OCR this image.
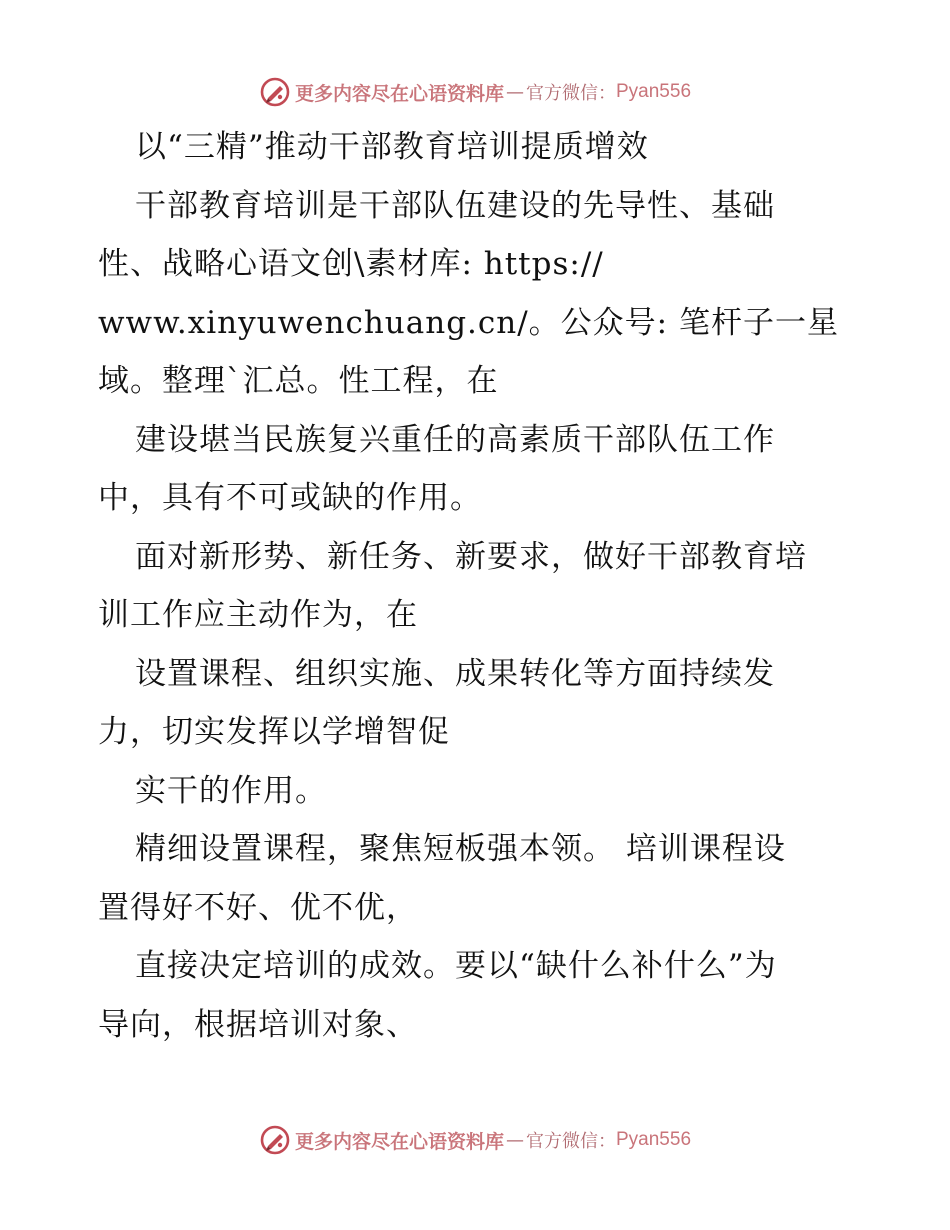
更多内容尽在心语资料库 — 官方微信： Pyan556
以“三精”推动干部教育培训提质增效
干部教育培训是干部队伍建设的先导性、基础
性、战略心语文创\素材库: https://
www.xinyuwenchuang.cn/。公众号: 笔杆子一星
域。整理`汇总。性工程，在
建设堪当民族复兴重任的高素质干部队伍工作
中，具有不可或缺的作用。
面对新形势、新任务、新要求，做好干部教育培
训工作应主动作为，在
设置课程、组织实施、成果转化等方面持续发
力，切实发挥以学增智促
实干的作用。
精细设置课程，聚焦短板强本领。 培训课程设
置得好不好、优不优，
直接决定培训的成效。要以“缺什么补什么”为
导向，根据培训对象、
更多内容尽在心语资料库 — 官方微信： Pyan556
